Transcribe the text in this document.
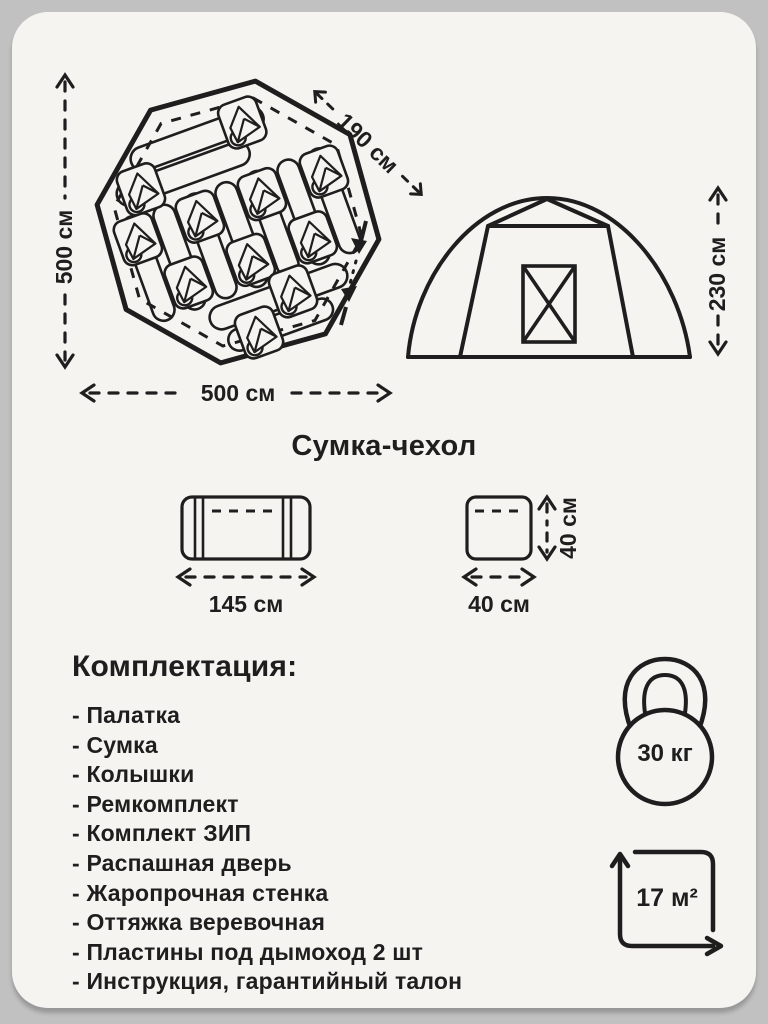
500 см
500 см
190 см
230 см
Сумка-чехол
145 см	40 см
40 см
Комплектация:
- Палатка
- Сумка
- Колышки
- Ремкомплект
- Комплект ЗИП
- Распашная дверь
- Жаропрочная стенка
- Оттяжка веревочная
- Пластины под дымоход 2 шт
- Инструкция, гарантийный талон
30 кг
17 м²
